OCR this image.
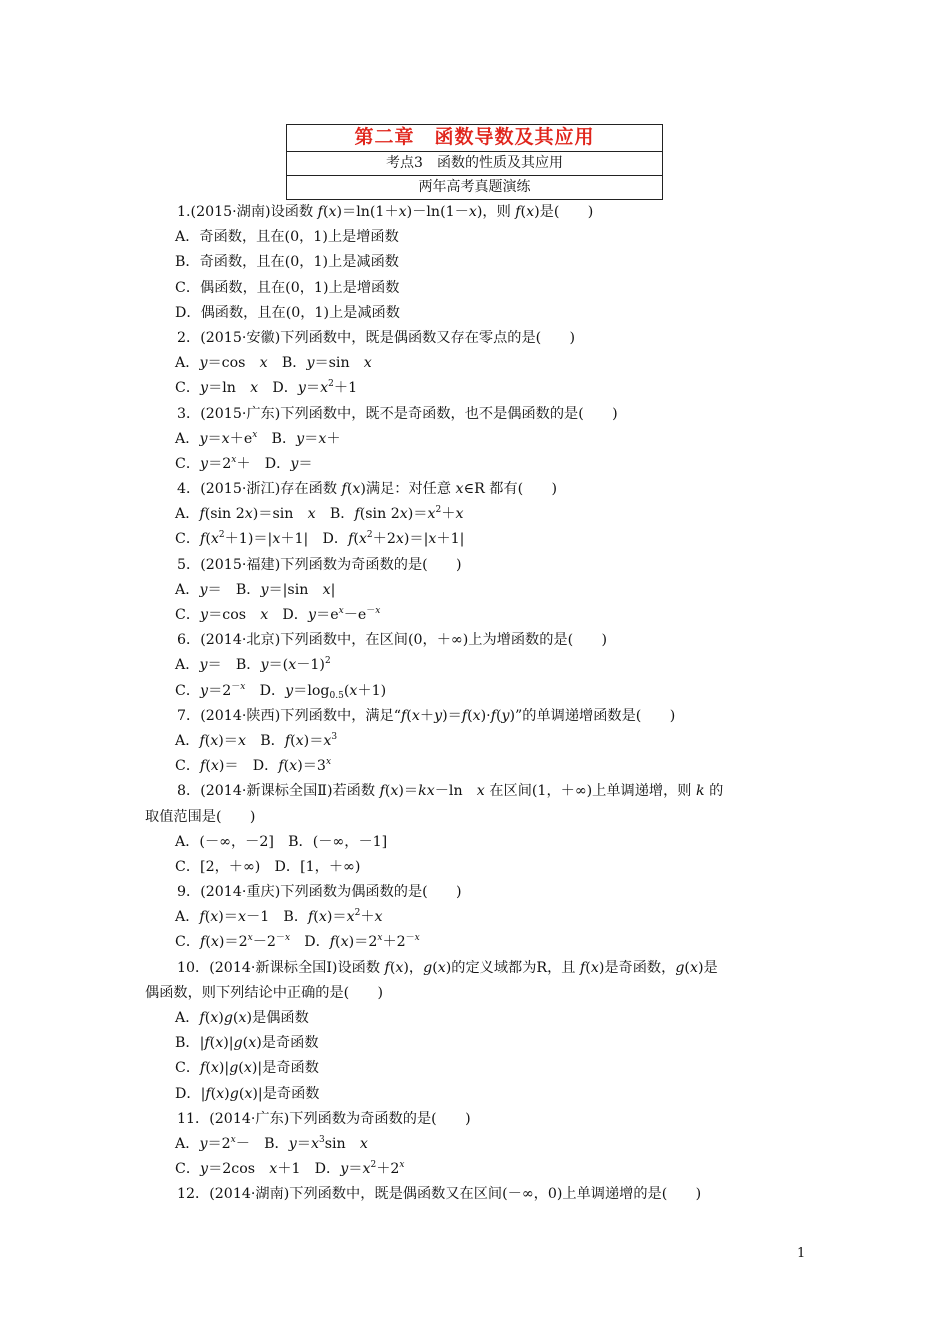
第二章　函数导数及其应用
考点3　函数的性质及其应用
两年高考真题演练
1.(2015·湖南)设函数 f(x)＝ln(1＋x)－ln(1－x)，则 f(x)是(　　)
A．奇函数，且在(0，1)上是增函数
B．奇函数，且在(0，1)上是减函数
C．偶函数，且在(0，1)上是增函数
D．偶函数，且在(0，1)上是减函数
2．(2015·安徽)下列函数中，既是偶函数又存在零点的是(　　)
A．y＝cos　x　B．y＝sin　x
C．y＝ln　x　D．$y=x^2+1$
3．(2015·广东)下列函数中，既不是奇函数，也不是偶函数的是(　　)
A．$y=x+e^x$　B．y＝x＋
C．$y=2^x+$　D．y＝
4．(2015·浙江)存在函数 f(x)满足：对任意 x∈R 都有(　　)
A．f(sin 2x)＝sin　x　B．f(sin $2x)=x^2+x$
C．$f(x^2+1)=|x+1|$　D．$f(x^2+2x)=|x+1|$
5．(2015·福建)下列函数为奇函数的是(　　)
A．y＝　B．y＝|sin　x|
C．y＝cos　x　D．$y=e^x-e^{-x}$
6．(2014·北京)下列函数中，在区间(0，＋∞)上为增函数的是(　　)
A．y＝　B．$y=(x-1)^2$
C．$y=2^{-x}$　D．$y=\log_{0.5}(x+1)$
7．(2014·陕西)下列函数中，满足“f(x＋y)＝f(x)·f(y)”的单调递增函数是(　　)
A．f(x)＝x　B．$f(x)=x^3$
C．f(x)＝　D．$f(x)=3^x$
8．(2014·新课标全国Ⅱ)若函数 f(x)＝kx－ln　x 在区间(1，＋∞)上单调递增，则 k 的
取值范围是(　　)
A．(－∞，－2]　B．(－∞，－1]
C．[2，＋∞)　D．[1，＋∞)
9．(2014·重庆)下列函数为偶函数的是(　　)
A．f(x)＝x－1　B．$f(x)=x^2+x$
C．$f(x)=2^x-2^{-x}$　D．$f(x)=2^x+2^{-x}$
10．(2014·新课标全国Ⅰ)设函数 f(x)，g(x)的定义域都为R，且 f(x)是奇函数，g(x)是
偶函数，则下列结论中正确的是(　　)
A．f(x)g(x)是偶函数
B．|f(x)|g(x)是奇函数
C．f(x)|g(x)|是奇函数
D．|f(x)g(x)|是奇函数
11．(2014·广东)下列函数为奇函数的是(　　)
A．$y=2^x-$　B．$y=x^3\sin$　x
C．y＝2cos　x＋1　D．$y=x^2+2^x$
12．(2014·湖南)下列函数中，既是偶函数又在区间(－∞，0)上单调递增的是(　　)
1
